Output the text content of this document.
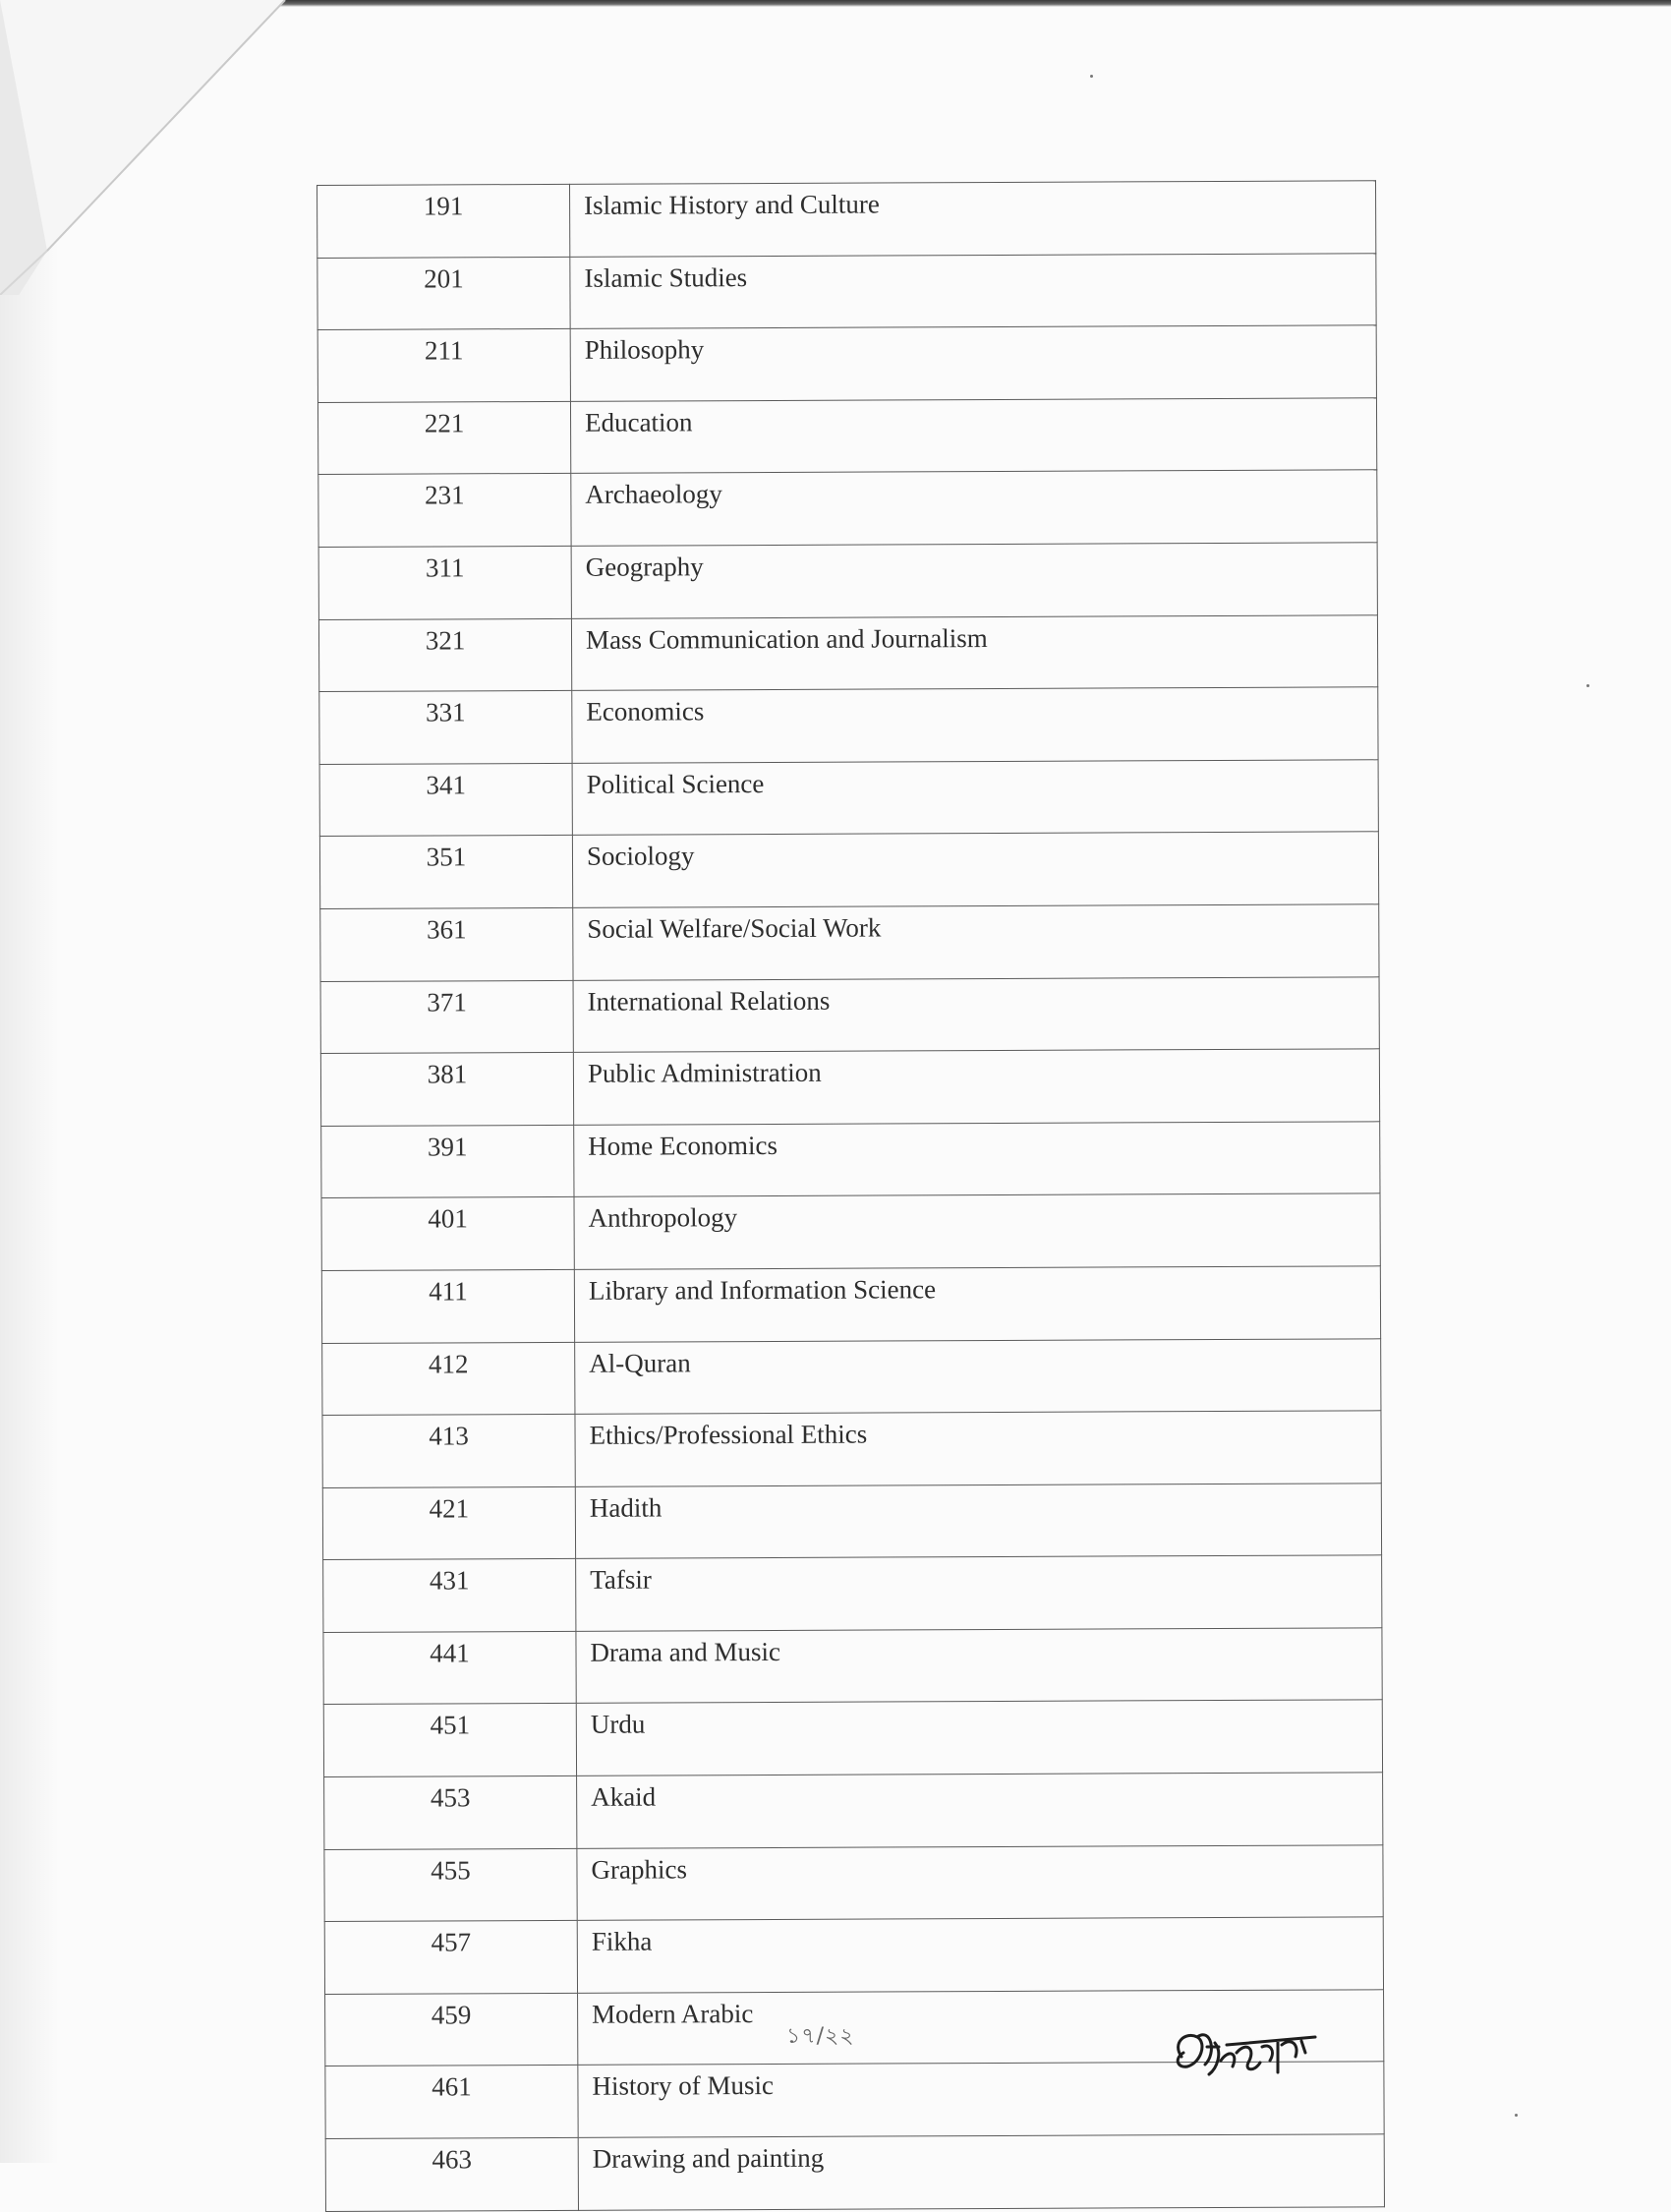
191	Islamic History and Culture
201	Islamic Studies
211	Philosophy
221	Education
231	Archaeology
311	Geography
321	Mass Communication and Journalism
331	Economics
341	Political Science
351	Sociology
361	Social Welfare/Social Work
371	International Relations
381	Public Administration
391	Home Economics
401	Anthropology
411	Library and Information Science
412	Al-Quran
413	Ethics/Professional Ethics
421	Hadith
431	Tafsir
441	Drama and Music
451	Urdu
453	Akaid
455	Graphics
457	Fikha
459	Modern Arabic
461	History of Music
463	Drawing and painting
১৭/২২
